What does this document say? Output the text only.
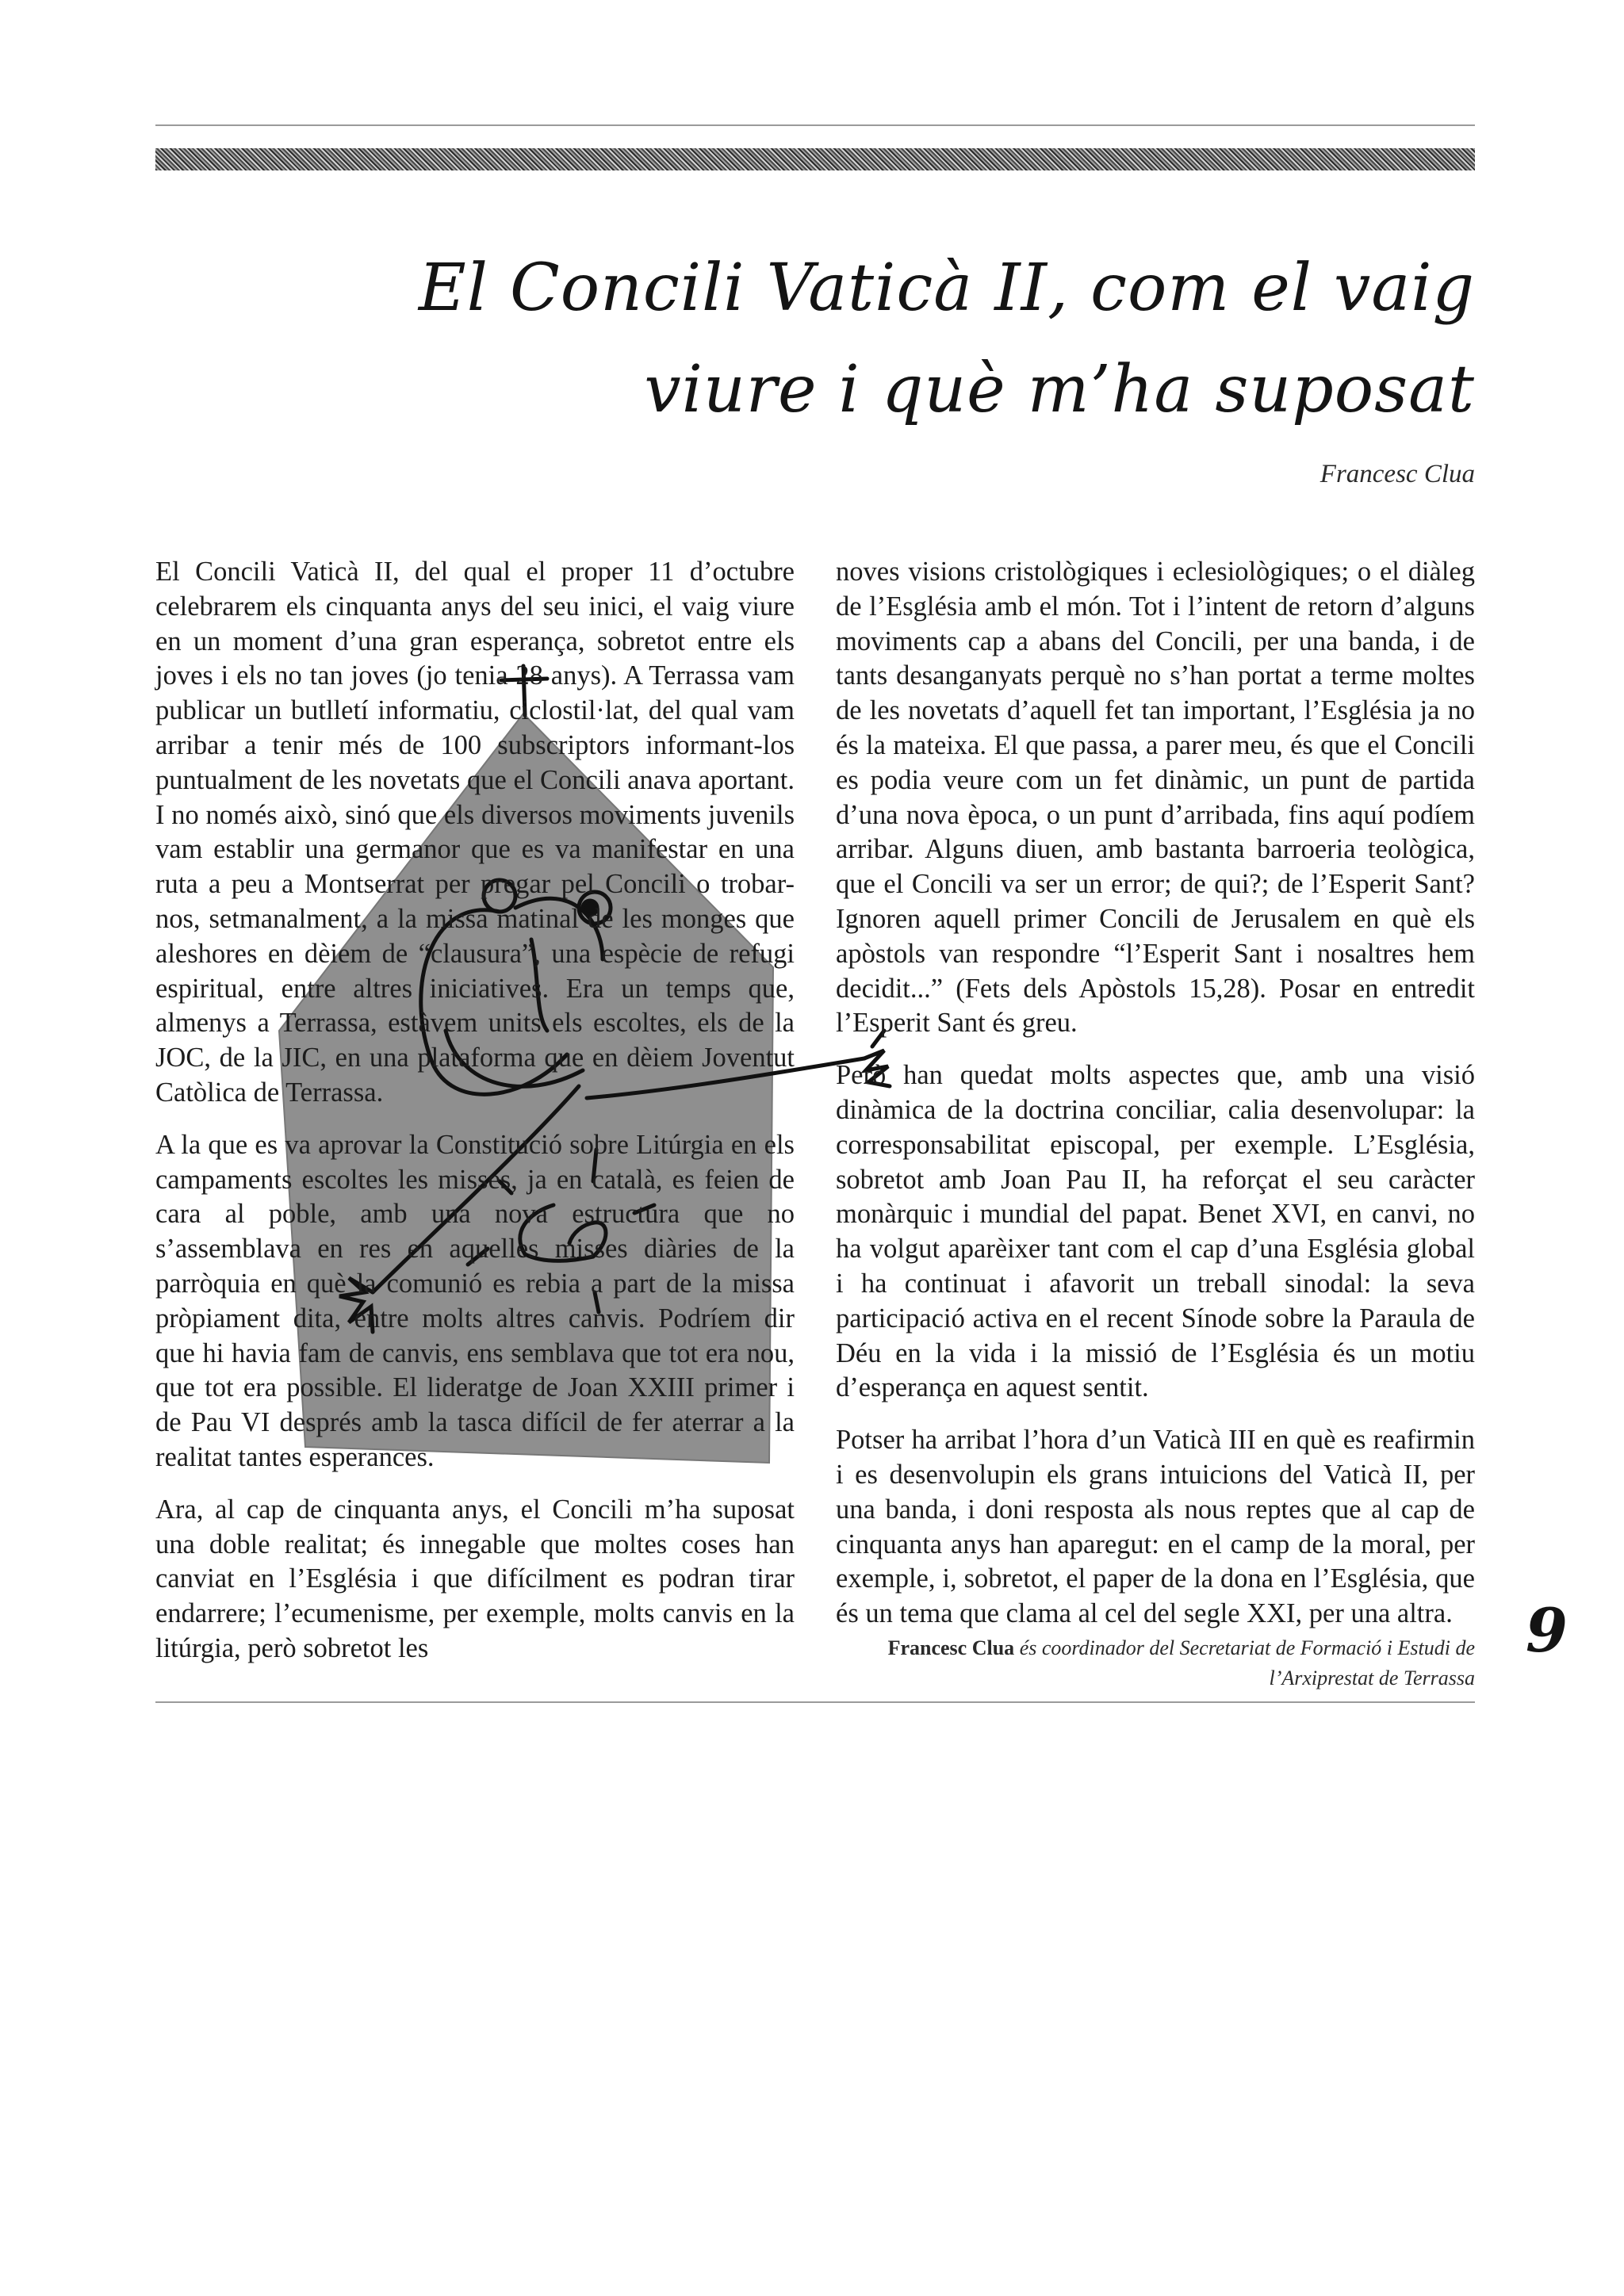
El Concili Vaticà II, com el vaig viure i què m’ha suposat

Francesc Clua

El Concili Vaticà II, del qual el proper 11 d’octubre celebrarem els cinquanta anys del seu inici, el vaig viure en un moment d’una gran esperança, sobretot entre els joves i els no tan joves (jo tenia 28 anys). A Terrassa vam publicar un butlletí informatiu, ciclostil·lat, del qual vam arribar a tenir més de 100 subscriptors informant-los puntualment de les novetats que el Concili anava aportant. I no només això, sinó que els diversos moviments juvenils vam establir una germanor que es va manifestar en una ruta a peu a Montserrat per pregar pel Concili o trobar-nos, setmanalment, a la missa matinal de les monges que aleshores en dèiem de “clausura”, una espècie de refugi espiritual, entre altres iniciatives. Era un temps que, almenys a Terrassa, estàvem units els escoltes, els de la JOC, de la JIC, en una plataforma que en dèiem Joventut Catòlica de Terrassa.

A la que es va aprovar la Constitució sobre Litúrgia en els campaments escoltes les misses, ja en català, es feien de cara al poble, amb una nova estructura que no s’assemblava en res en aquelles misses diàries de la parròquia en què la comunió es rebia a part de la missa pròpiament dita, entre molts altres canvis. Podríem dir que hi havia fam de canvis, ens semblava que tot era nou, que tot era possible. El lideratge de Joan XXIII primer i de Pau VI després amb la tasca difícil de fer aterrar a la realitat tantes esperances.

Ara, al cap de cinquanta anys, el Concili m’ha suposat una doble realitat; és innegable que moltes coses han canviat en l’Església i que difícilment es podran tirar endarrere; l’ecumenisme, per exemple, molts canvis en la litúrgia, però sobretot les

noves visions cristològiques i eclesiològiques; o el diàleg de l’Església amb el món. Tot i l’intent de retorn d’alguns moviments cap a abans del Concili, per una banda, i de tants desanganyats perquè no s’han portat a terme moltes de les novetats d’aquell fet tan important, l’Església ja no és la mateixa. El que passa, a parer meu, és que el Concili es podia veure com un fet dinàmic, un punt de partida d’una nova època, o un punt d’arribada, fins aquí podíem arribar. Alguns diuen, amb bastanta barroeria teològica, que el Concili va ser un error; de qui?; de l’Esperit Sant? Ignoren aquell primer Concili de Jerusalem en què els apòstols van respondre “l’Esperit Sant i nosaltres hem decidit...” (Fets dels Apòstols 15,28). Posar en entredit l’Esperit Sant és greu.

Però han quedat molts aspectes que, amb una visió dinàmica de la doctrina conciliar, calia desenvolupar: la corresponsabilitat episcopal, per exemple. L’Església, sobretot amb Joan Pau II, ha reforçat el seu caràcter monàrquic i mundial del papat. Benet XVI, en canvi, no ha volgut aparèixer tant com el cap d’una Església global i ha continuat i afavorit un treball sinodal: la seva participació activa en el recent Sínode sobre la Paraula de Déu en la vida i la missió de l’Església és un motiu d’esperança en aquest sentit.

Potser ha arribat l’hora d’un Vaticà III en què es reafirmin i es desenvolupin els grans intuicions del Vaticà II, per una banda, i doni resposta als nous reptes que al cap de cinquanta anys han aparegut: en el camp de la moral, per exemple, i, sobretot, el paper de la dona en l’Església, que és un tema que clama al cel del segle XXI, per una altra.

Francesc Clua és coordinador del Secretariat de Formació i Estudi de l’Arxiprestat de Terrassa
9
